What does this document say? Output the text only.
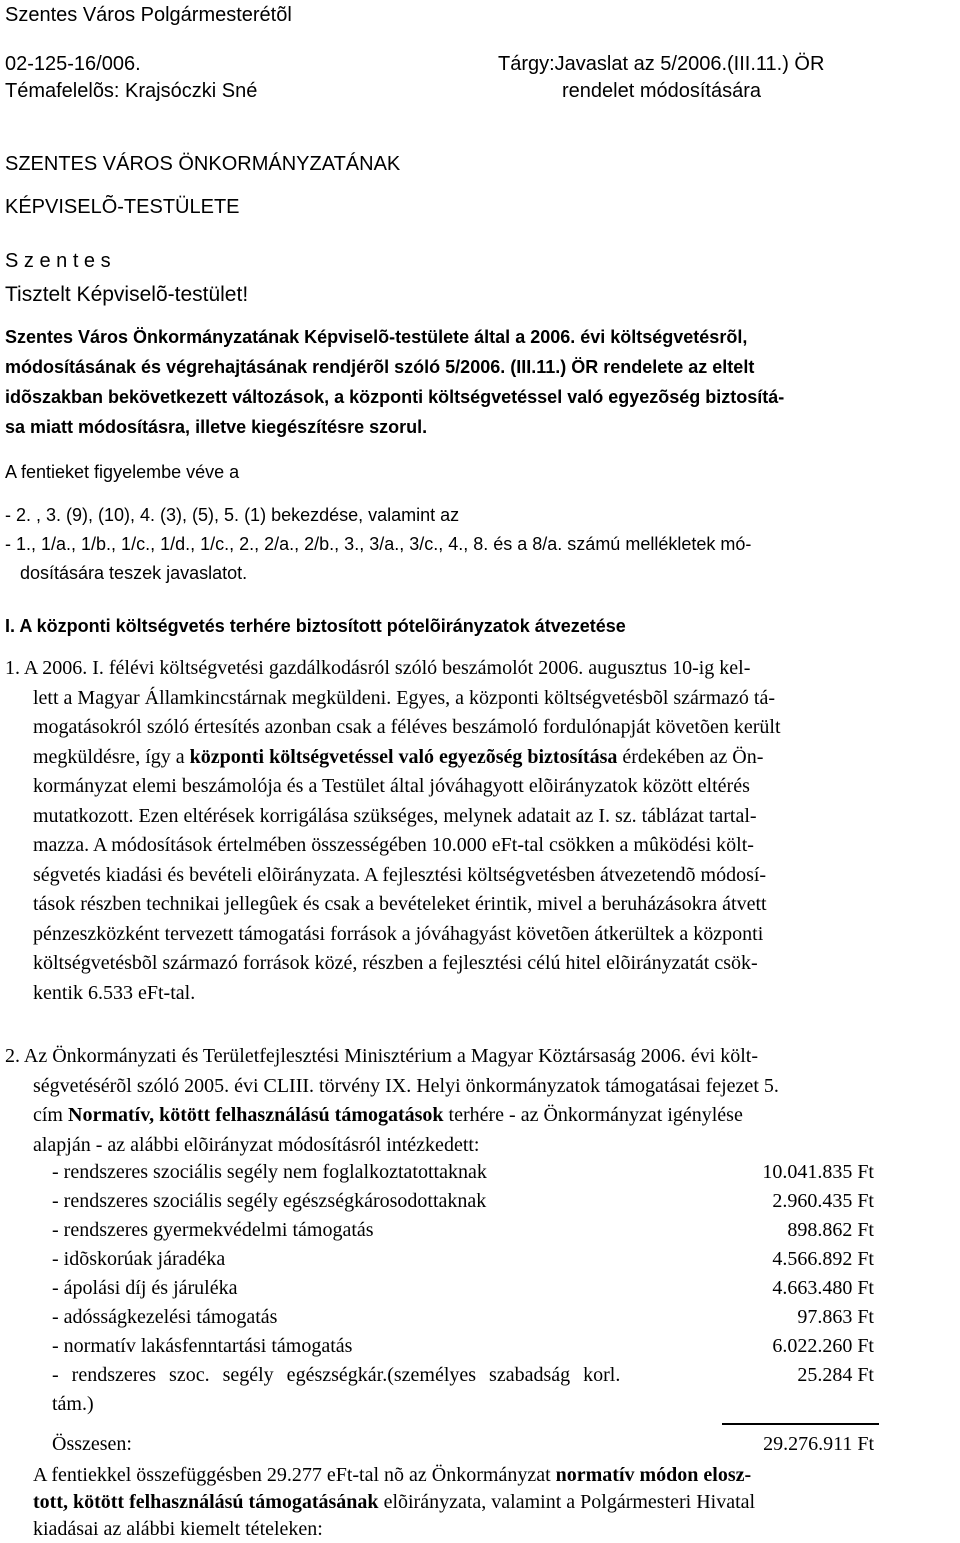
Szentes Város Polgármesterétõl
02-125-16/006.	Tárgy:Javaslat az 5/2006.(III.11.) ÖR
Témafelelõs: Krajsóczki Sné	rendelet módosítására
SZENTES VÁROS ÖNKORMÁNYZATÁNAK
KÉPVISELÕ-TESTÜLETE
S z e n t e s
Tisztelt Képviselõ-testület!
Szentes Város Önkormányzatának Képviselõ-testülete által a 2006. évi költségvetésrõl,
módosításának és végrehajtásának rendjérõl szóló 5/2006. (III.11.) ÖR rendelete az eltelt
idõszakban bekövetkezett változások, a központi költségvetéssel való egyezõség biztosítá-
sa miatt módosításra, illetve kiegészítésre szorul.
A fentieket figyelembe véve a
- 2. , 3. (9), (10), 4. (3), (5), 5. (1) bekezdése, valamint az
- 1., 1/a., 1/b., 1/c., 1/d., 1/c., 2., 2/a., 2/b., 3., 3/a., 3/c., 4., 8. és a 8/a. számú mellékletek mó-
dosítására teszek javaslatot.
I. A központi költségvetés terhére biztosított pótelõirányzatok átvezetése
1. A 2006. I. félévi költségvetési gazdálkodásról szóló beszámolót 2006. augusztus 10-ig kel-
lett a Magyar Államkincstárnak megküldeni. Egyes, a központi költségvetésbõl származó tá-
mogatásokról szóló értesítés azonban csak a féléves beszámoló fordulónapját követõen került
megküldésre, így a központi költségvetéssel való egyezõség biztosítása érdekében az Ön-
kormányzat elemi beszámolója és a Testület által jóváhagyott elõirányzatok között eltérés
mutatkozott. Ezen eltérések korrigálása szükséges, melynek adatait az I. sz. táblázat tartal-
mazza. A módosítások értelmében összességében 10.000 eFt-tal csökken a mûködési költ-
ségvetés kiadási és bevételi elõirányzata. A fejlesztési költségvetésben átvezetendõ módosí-
tások részben technikai jellegûek és csak a bevételeket érintik, mivel a beruházásokra átvett
pénzeszközként tervezett támogatási források a jóváhagyást követõen átkerültek a központi
költségvetésbõl származó források közé, részben a fejlesztési célú hitel elõirányzatát csök-
kentik 6.533 eFt-tal.
2. Az Önkormányzati és Területfejlesztési Minisztérium a Magyar Köztársaság 2006. évi költ-
ségvetésérõl szóló 2005. évi CLIII. törvény IX. Helyi önkormányzatok támogatásai fejezet 5.
cím Normatív, kötött felhasználású támogatások terhére - az Önkormányzat igénylése
alapján - az alábbi elõirányzat módosításról intézkedett:
- rendszeres szociális segély nem foglalkoztatottaknak	10.041.835 Ft
- rendszeres szociális segély egészségkárosodottaknak	2.960.435 Ft
- rendszeres gyermekvédelmi támogatás	898.862 Ft
- idõskorúak járadéka	4.566.892 Ft
- ápolási díj és járuléka	4.663.480 Ft
- adósságkezelési támogatás	97.863 Ft
- normatív lakásfenntartási támogatás	6.022.260 Ft
- rendszeres szoc. segély egészségkár.(személyes szabadság korl.	25.284 Ft
tám.)
Összesen:	29.276.911 Ft
A fentiekkel összefüggésben 29.277 eFt-tal nõ az Önkormányzat normatív módon elosz-
tott, kötött felhasználású támogatásának elõirányzata, valamint a Polgármesteri Hivatal
kiadásai az alábbi kiemelt tételeken:
